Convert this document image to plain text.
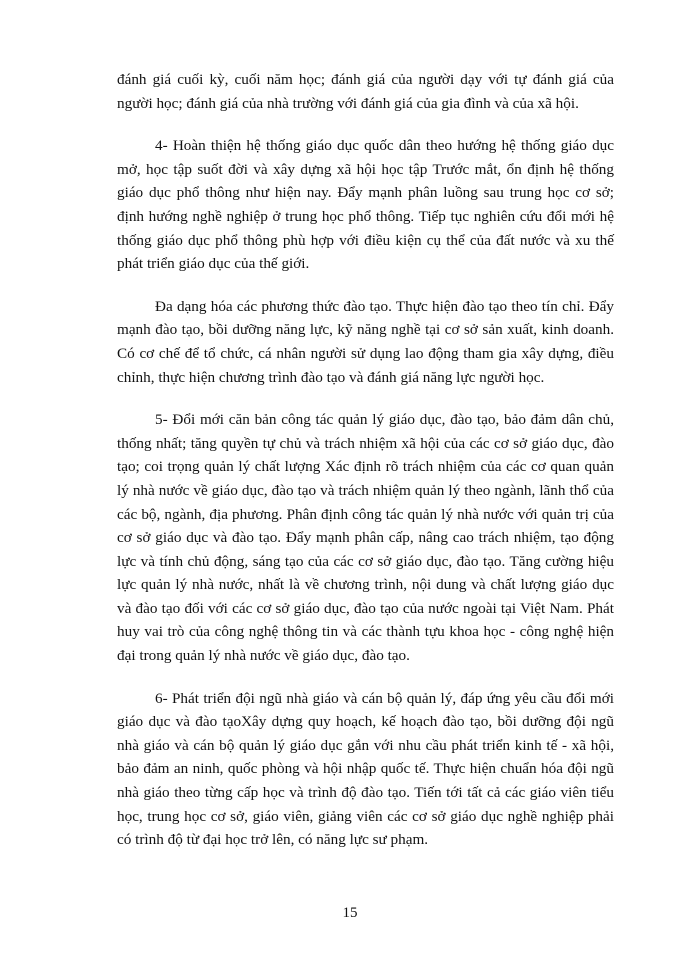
đánh giá cuối kỳ, cuối năm học; đánh giá của người dạy với tự đánh giá của người học; đánh giá của nhà trường với đánh giá của gia đình và của xã hội.

4- Hoàn thiện hệ thống giáo dục quốc dân theo hướng hệ thống giáo dục mở, học tập suốt đời và xây dựng xã hội học tập Trước mắt, ổn định hệ thống giáo dục phổ thông như hiện nay. Đẩy mạnh phân luồng sau trung học cơ sở; định hướng nghề nghiệp ở trung học phổ thông. Tiếp tục nghiên cứu đổi mới hệ thống giáo dục phổ thông phù hợp với điều kiện cụ thể của đất nước và xu thế phát triển giáo dục của thế giới.

Đa dạng hóa các phương thức đào tạo. Thực hiện đào tạo theo tín chỉ. Đẩy mạnh đào tạo, bồi dưỡng năng lực, kỹ năng nghề tại cơ sở sản xuất, kinh doanh. Có cơ chế để tổ chức, cá nhân người sử dụng lao động tham gia xây dựng, điều chỉnh, thực hiện chương trình đào tạo và đánh giá năng lực người học.

5- Đổi mới căn bản công tác quản lý giáo dục, đào tạo, bảo đảm dân chủ, thống nhất; tăng quyền tự chủ và trách nhiệm xã hội của các cơ sở giáo dục, đào tạo; coi trọng quản lý chất lượng Xác định rõ trách nhiệm của các cơ quan quản lý nhà nước về giáo dục, đào tạo và trách nhiệm quản lý theo ngành, lãnh thổ của các bộ, ngành, địa phương. Phân định công tác quản lý nhà nước với quản trị của cơ sở giáo dục và đào tạo. Đẩy mạnh phân cấp, nâng cao trách nhiệm, tạo động lực và tính chủ động, sáng tạo của các cơ sở giáo dục, đào tạo. Tăng cường hiệu lực quản lý nhà nước, nhất là về chương trình, nội dung và chất lượng giáo dục và đào tạo đối với các cơ sở giáo dục, đào tạo của nước ngoài tại Việt Nam. Phát huy vai trò của công nghệ thông tin và các thành tựu khoa học - công nghệ hiện đại trong quản lý nhà nước về giáo dục, đào tạo.

6- Phát triển đội ngũ nhà giáo và cán bộ quản lý, đáp ứng yêu cầu đổi mới giáo dục và đào tạoXây dựng quy hoạch, kế hoạch đào tạo, bồi dưỡng đội ngũ nhà giáo và cán bộ quản lý giáo dục gắn với nhu cầu phát triển kinh tế - xã hội, bảo đảm an ninh, quốc phòng và hội nhập quốc tế. Thực hiện chuẩn hóa đội ngũ nhà giáo theo từng cấp học và trình độ đào tạo. Tiến tới tất cả các giáo viên tiểu học, trung học cơ sở, giáo viên, giảng viên các cơ sở giáo dục nghề nghiệp phải có trình độ từ đại học trở lên, có năng lực sư phạm.

15
